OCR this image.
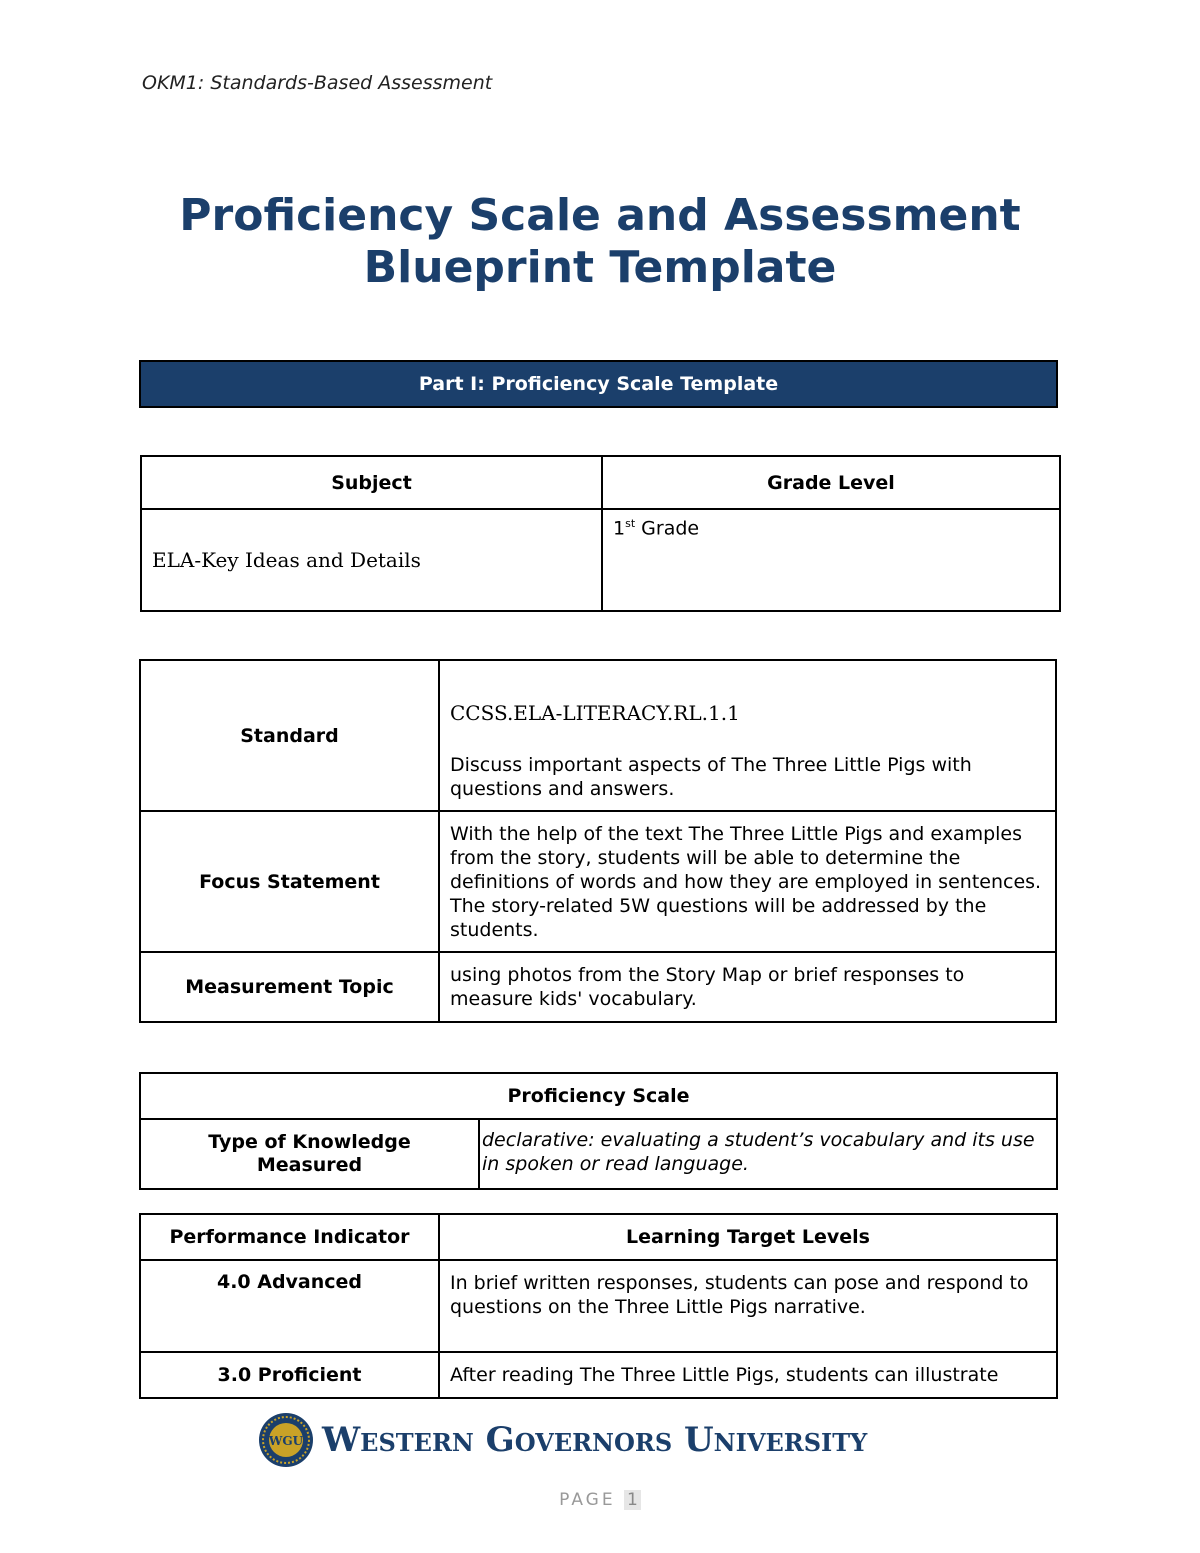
OKM1: Standards-Based Assessment
Proficiency Scale and Assessment
Blueprint Template
Part I: Proficiency Scale Template
Subject	Grade Level
ELA-Key Ideas and Details	1st Grade
Standard	CCSS.ELA-LITERACY.RL.1.1
Discuss important aspects of The Three Little Pigs with questions and answers.

Focus Statement	With the help of the text The Three Little Pigs and examples from the story, students will be able to determine the definitions of words and how they are employed in sentences. The story-related 5W questions will be addressed by the students.
Measurement Topic	using photos from the Story Map or brief responses to measure kids' vocabulary.
Proficiency Scale
Type of Knowledge Measured	declarative: evaluating a student’s vocabulary and its use in spoken or read language.
Performance Indicator	Learning Target Levels
4.0 Advanced	In brief written responses, students can pose and respond to questions on the Three Little Pigs narrative.
3.0 Proficient	After reading The Three Little Pigs, students can illustrate
WGU Western Governors University
PAGE 1
